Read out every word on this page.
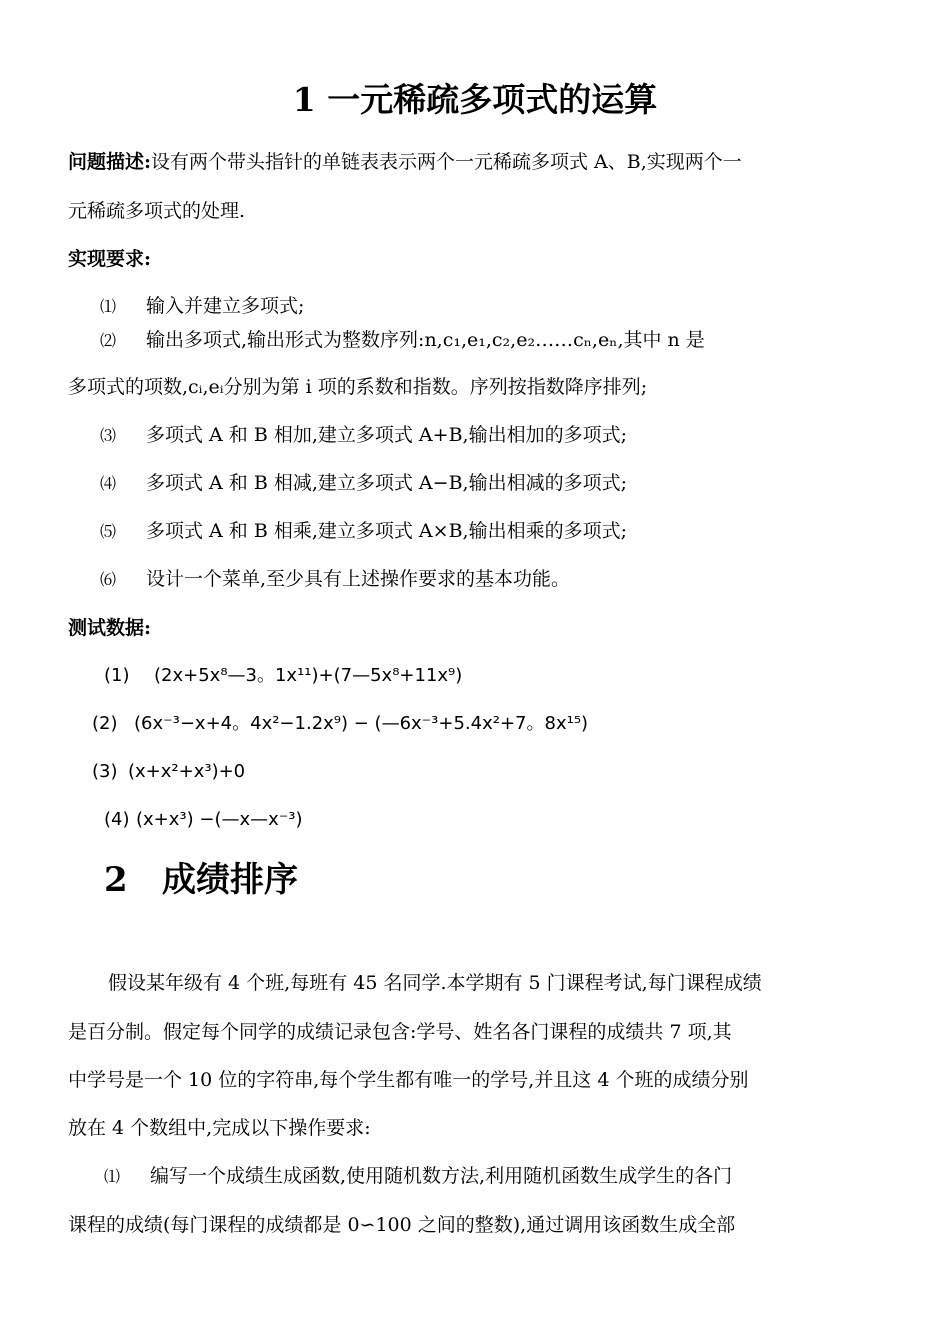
1 一元稀疏多项式的运算
问题描述:设有两个带头指针的单链表表示两个一元稀疏多项式 A、B,实现两个一
元稀疏多项式的处理.
实现要求:
⑴ 输入并建立多项式;
⑵ 输出多项式,输出形式为整数序列:n,c₁,e₁,c₂,e₂……cₙ,eₙ,其中 n 是
多项式的项数,cᵢ,eᵢ分别为第 i 项的系数和指数。序列按指数降序排列;
⑶ 多项式 A 和 B 相加,建立多项式 A+B,输出相加的多项式;
⑷ 多项式 A 和 B 相减,建立多项式 A−B,输出相减的多项式;
⑸ 多项式 A 和 B 相乘,建立多项式 A×B,输出相乘的多项式;
⑹ 设计一个菜单,至少具有上述操作要求的基本功能。
测试数据:
(1) (2x+5x⁸—3。1x¹¹)+(7—5x⁸+11x⁹)
(2) (6x⁻³−x+4。4x²−1.2x⁹) − (—6x⁻³+5.4x²+7。8x¹⁵)
(3) (x+x²+x³)+0
(4) (x+x³) −(—x—x⁻³)
2 成绩排序
假设某年级有 4 个班,每班有 45 名同学.本学期有 5 门课程考试,每门课程成绩
是百分制。假定每个同学的成绩记录包含:学号、姓名各门课程的成绩共 7 项,其
中学号是一个 10 位的字符串,每个学生都有唯一的学号,并且这 4 个班的成绩分别
放在 4 个数组中,完成以下操作要求:
⑴ 编写一个成绩生成函数,使用随机数方法,利用随机函数生成学生的各门
课程的成绩(每门课程的成绩都是 0∽100 之间的整数),通过调用该函数生成全部
